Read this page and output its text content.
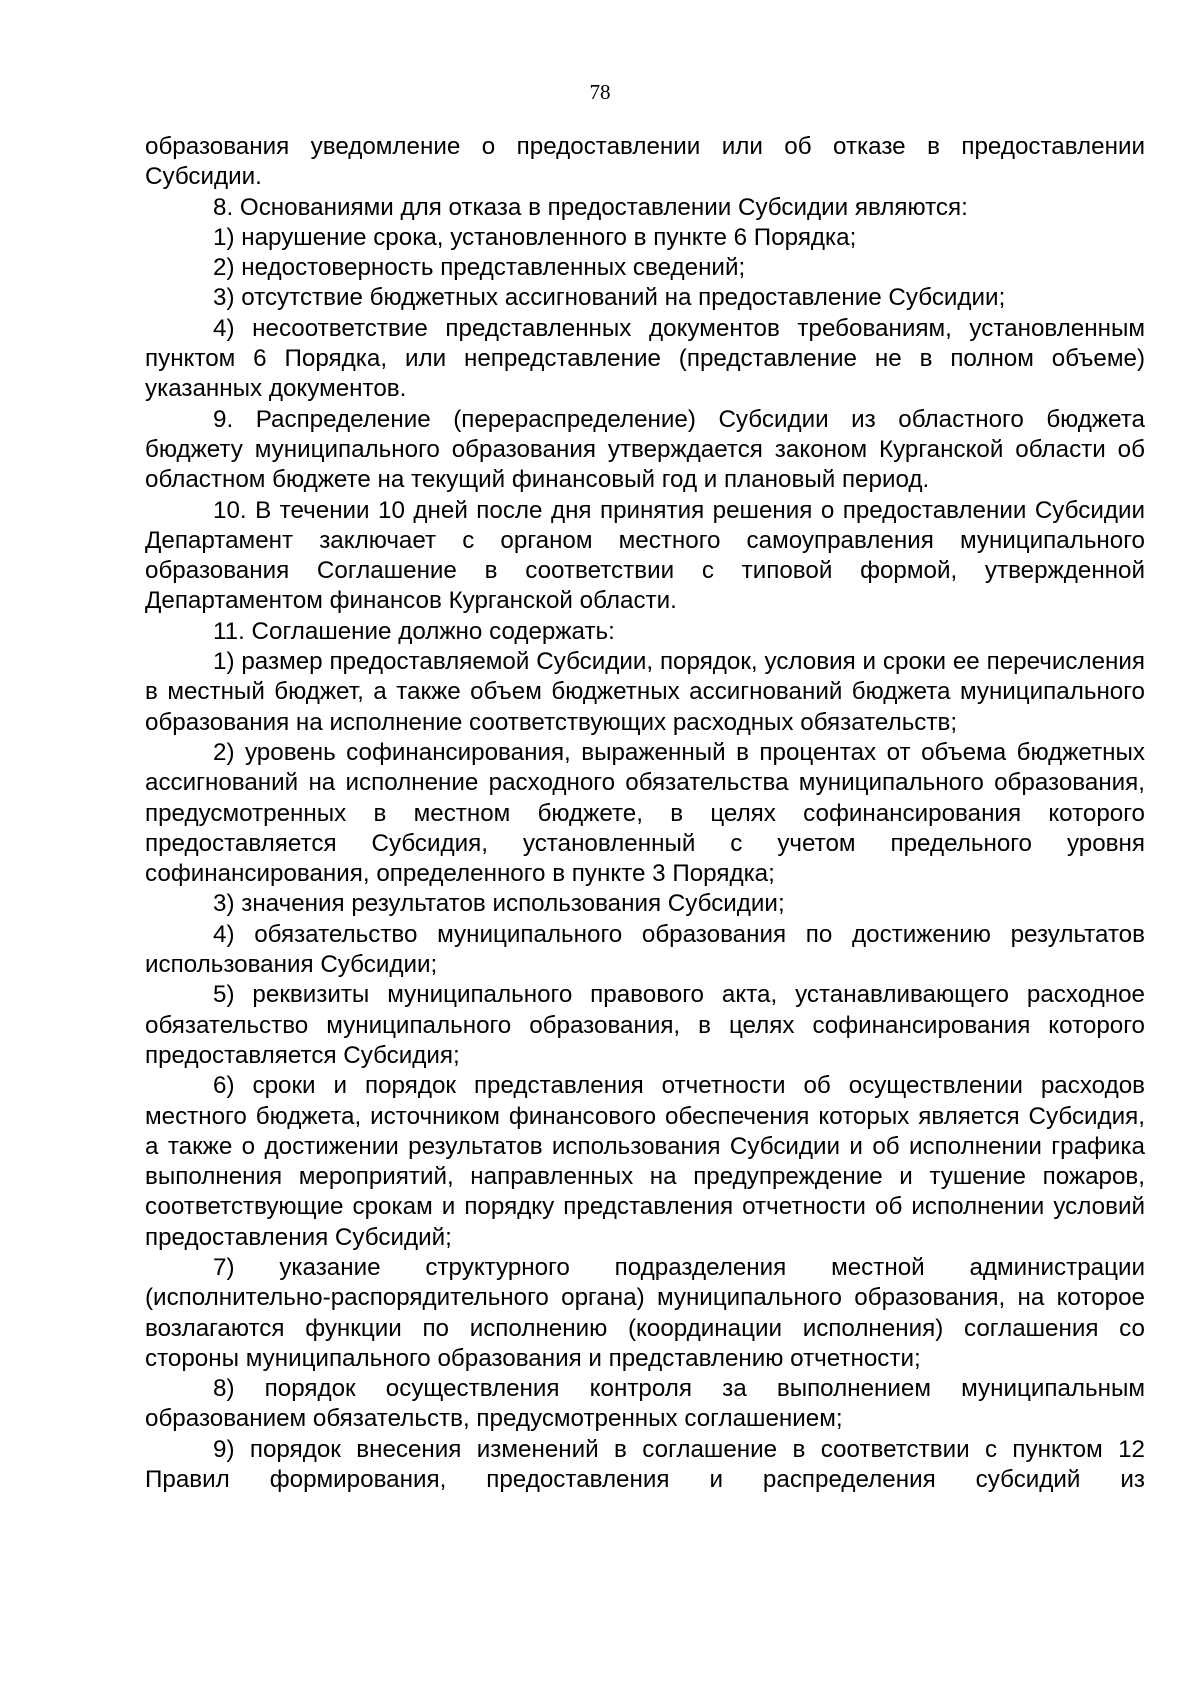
78

образования уведомление о предоставлении или об отказе в предоставлении Субсидии.

8. Основаниями для отказа в предоставлении Субсидии являются:

1) нарушение срока, установленного в пункте 6 Порядка;

2) недостоверность представленных сведений;

3) отсутствие бюджетных ассигнований на предоставление Субсидии;

4) несоответствие представленных документов требованиям, установленным пунктом 6 Порядка, или непредставление (представление не в полном объеме) указанных документов.

9. Распределение (перераспределение) Субсидии из областного бюджета бюджету муниципального образования утверждается законом Курганской области об областном бюджете на текущий финансовый год и плановый период.

10. В течении 10 дней после дня принятия решения о предоставлении Субсидии Департамент заключает с органом местного самоуправления муниципального образования Соглашение в соответствии с типовой формой, утвержденной Департаментом финансов Курганской области.

11. Соглашение должно содержать:

1) размер предоставляемой Субсидии, порядок, условия и сроки ее перечисления в местный бюджет, а также объем бюджетных ассигнований бюджета муниципального образования на исполнение соответствующих расходных обязательств;

2) уровень софинансирования, выраженный в процентах от объема бюджетных ассигнований на исполнение расходного обязательства муниципального образования, предусмотренных в местном бюджете, в целях софинансирования которого предоставляется Субсидия, установленный с учетом предельного уровня софинансирования, определенного в пункте 3 Порядка;

3) значения результатов использования Субсидии;

4) обязательство муниципального образования по достижению результатов использования Субсидии;

5) реквизиты муниципального правового акта, устанавливающего расходное обязательство муниципального образования, в целях софинансирования которого предоставляется Субсидия;

6) сроки и порядок представления отчетности об осуществлении расходов местного бюджета, источником финансового обеспечения которых является Субсидия, а также о достижении результатов использования Субсидии и об исполнении графика выполнения мероприятий, направленных на предупреждение и тушение пожаров, соответствующие срокам и порядку представления отчетности об исполнении условий предоставления Субсидий;

7) указание структурного подразделения местной администрации (исполнительно-распорядительного органа) муниципального образования, на которое возлагаются функции по исполнению (координации исполнения) соглашения со стороны муниципального образования и представлению отчетности;

8) порядок осуществления контроля за выполнением муниципальным образованием обязательств, предусмотренных соглашением;

9) порядок внесения изменений в соглашение в соответствии с пунктом 12 Правил формирования, предоставления и распределения субсидий из
